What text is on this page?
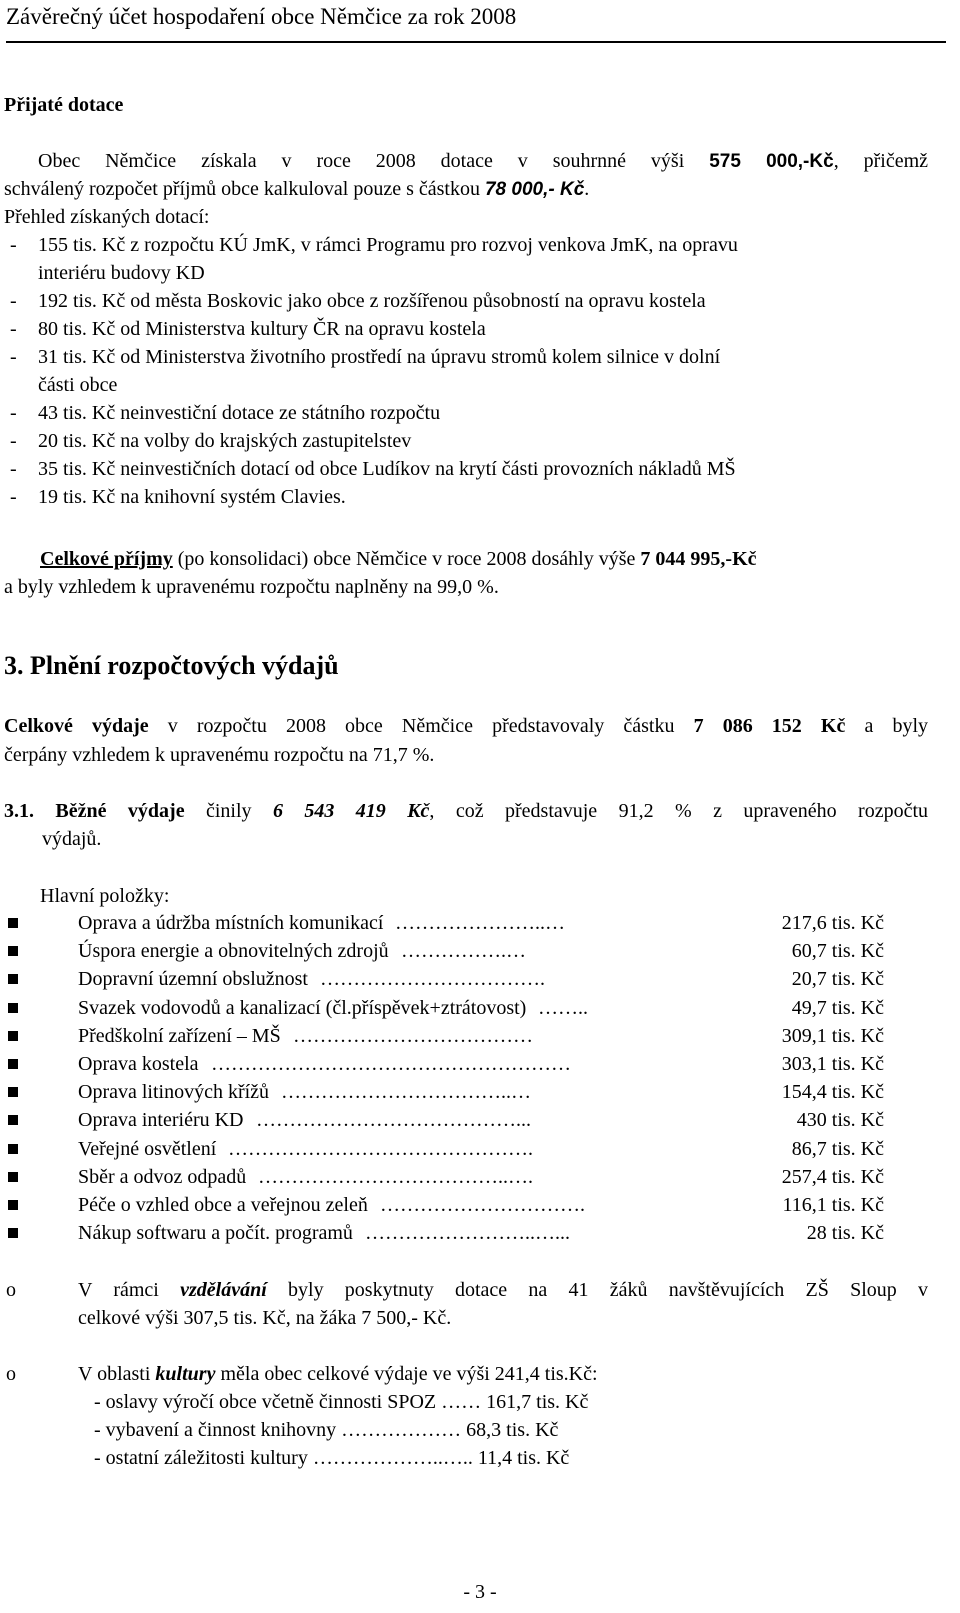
Závěrečný účet hospodaření obce Němčice za rok 2008
Přijaté dotace
Obec Němčice získala v roce 2008 dotace v souhrnné výši 575 000,-Kč, přičemž
schválený rozpočet příjmů obce kalkuloval pouze s částkou 78 000,- Kč.
Přehled získaných dotací:
- 155 tis. Kč z rozpočtu KÚ JmK, v rámci Programu pro rozvoj venkova JmK, na opravu
interiéru budovy KD
- 192 tis. Kč od města Boskovic jako obce z rozšířenou působností na opravu kostela
- 80 tis. Kč od Ministerstva kultury ČR na opravu kostela
- 31 tis. Kč od Ministerstva životního prostředí na úpravu stromů kolem silnice v dolní
části obce
- 43 tis. Kč neinvestiční dotace ze státního rozpočtu
- 20 tis. Kč na volby do krajských zastupitelstev
- 35 tis. Kč neinvestičních dotací od obce Ludíkov na krytí části provozních nákladů MŠ
- 19 tis. Kč na knihovní systém Clavies.
Celkové příjmy (po konsolidaci) obce Němčice v roce 2008 dosáhly výše 7 044 995,-Kč
a byly vzhledem k upravenému rozpočtu naplněny na 99,0 %.
3. Plnění rozpočtových výdajů
Celkové výdaje v rozpočtu 2008 obce Němčice představovaly částku 7 086 152 Kč a byly
čerpány vzhledem k upravenému rozpočtu na 71,7 %.
3.1. Běžné výdaje činily 6 543 419 Kč, což představuje 91,2 % z upraveného rozpočtu
výdajů.
Hlavní položky:
Oprava a údržba místních komunikací …………………..…	217,6 tis. Kč
Úspora energie a obnovitelných zdrojů …………….…	60,7 tis. Kč
Dopravní územní obslužnost …………………………….	20,7 tis. Kč
Svazek vodovodů a kanalizací (čl.příspěvek+ztrátovost) ……..	49,7 tis. Kč
Předškolní zařízení – MŠ ………………………………	309,1 tis. Kč
Oprava kostela ………………………………………………	303,1 tis. Kč
Oprava litinových křížů ……………………………..…	154,4 tis. Kč
Oprava interiéru KD …………………………………...	430 tis. Kč
Veřejné osvětlení ……………………………………….	86,7 tis. Kč
Sběr a odvoz odpadů ………………………………..….	257,4 tis. Kč
Péče o vzhled obce a veřejnou zeleň ………………………….	116,1 tis. Kč
Nákup softwaru a počít. programů ……………………..…...	28 tis. Kč
o	V rámci vzdělávání byly poskytnuty dotace na 41 žáků navštěvujících ZŠ Sloup v
celkové výši 307,5 tis. Kč, na žáka 7 500,- Kč.
o	V oblasti kultury měla obec celkové výdaje ve výši 241,4 tis.Kč:
- oslavy výročí obce včetně činnosti SPOZ …… 161,7 tis. Kč
- vybavení a činnost knihovny ……………… 68,3 tis. Kč
- ostatní záležitosti kultury ………………..….. 11,4 tis. Kč
- 3 -
